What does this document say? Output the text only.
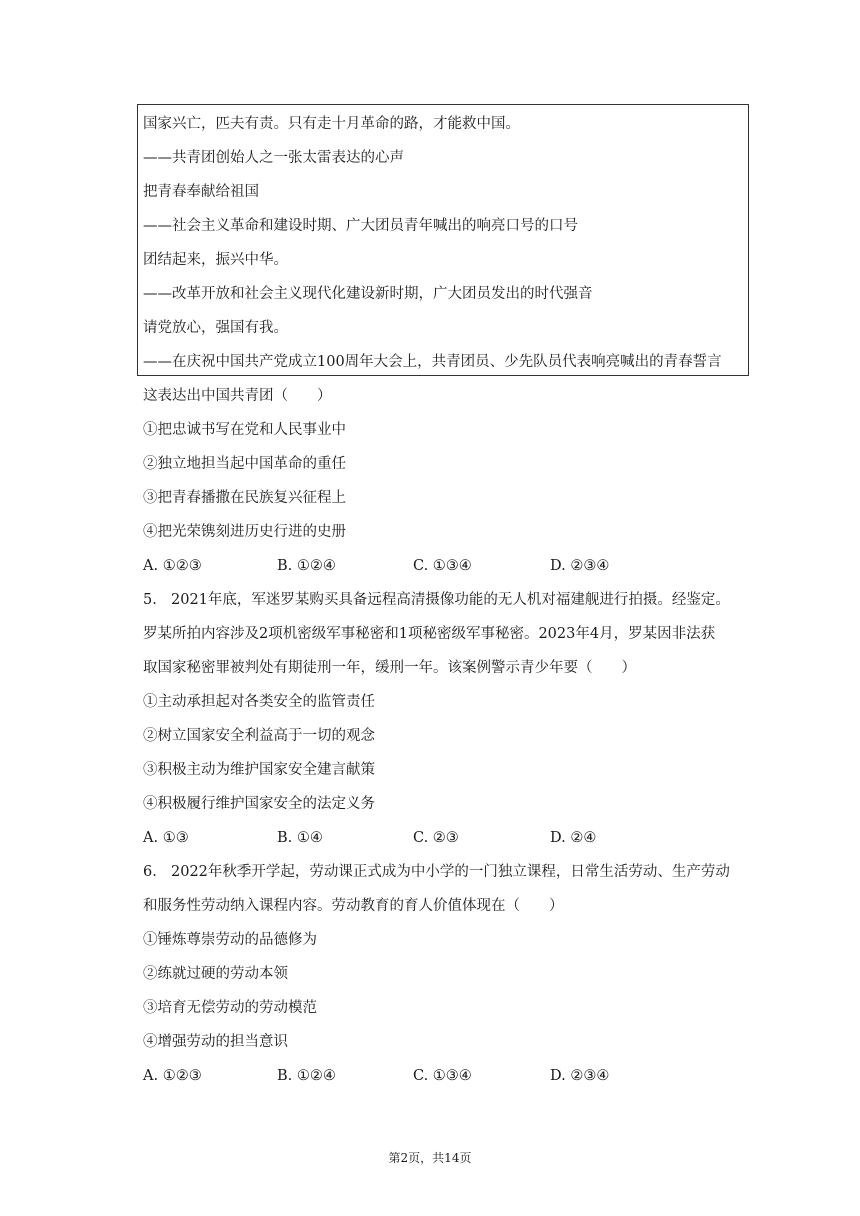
国家兴亡，匹夫有责。只有走十月革命的路，才能救中国。
——共青团创始人之一张太雷表达的心声
把青春奉献给祖国
——社会主义革命和建设时期、广大团员青年喊出的响亮口号的口号
团结起来，振兴中华。
——改革开放和社会主义现代化建设新时期，广大团员发出的时代强音
请党放心，强国有我。
——在庆祝中国共产党成立100周年大会上，共青团员、少先队员代表响亮喊出的青春誓言
这表达出中国共青团（　　）
①把忠诚书写在党和人民事业中
②独立地担当起中国革命的重任
③把青春播撒在民族复兴征程上
④把光荣镌刻进历史行进的史册
A. ①②③	B. ①②④	C. ①③④	D. ②③④
5. 2021年底，军迷罗某购买具备远程高清摄像功能的无人机对福建舰进行拍摄。经鉴定。
罗某所拍内容涉及2项机密级军事秘密和1项秘密级军事秘密。2023年4月，罗某因非法获
取国家秘密罪被判处有期徒刑一年，缓刑一年。该案例警示青少年要（　　）
①主动承担起对各类安全的监管责任
②树立国家安全利益高于一切的观念
③积极主动为维护国家安全建言献策
④积极履行维护国家安全的法定义务
A. ①③	B. ①④	C. ②③	D. ②④
6. 2022年秋季开学起，劳动课正式成为中小学的一门独立课程，日常生活劳动、生产劳动
和服务性劳动纳入课程内容。劳动教育的育人价值体现在（　　）
①锤炼尊崇劳动的品德修为
②练就过硬的劳动本领
③培育无偿劳动的劳动模范
④增强劳动的担当意识
A. ①②③	B. ①②④	C. ①③④	D. ②③④
第2页，共14页
